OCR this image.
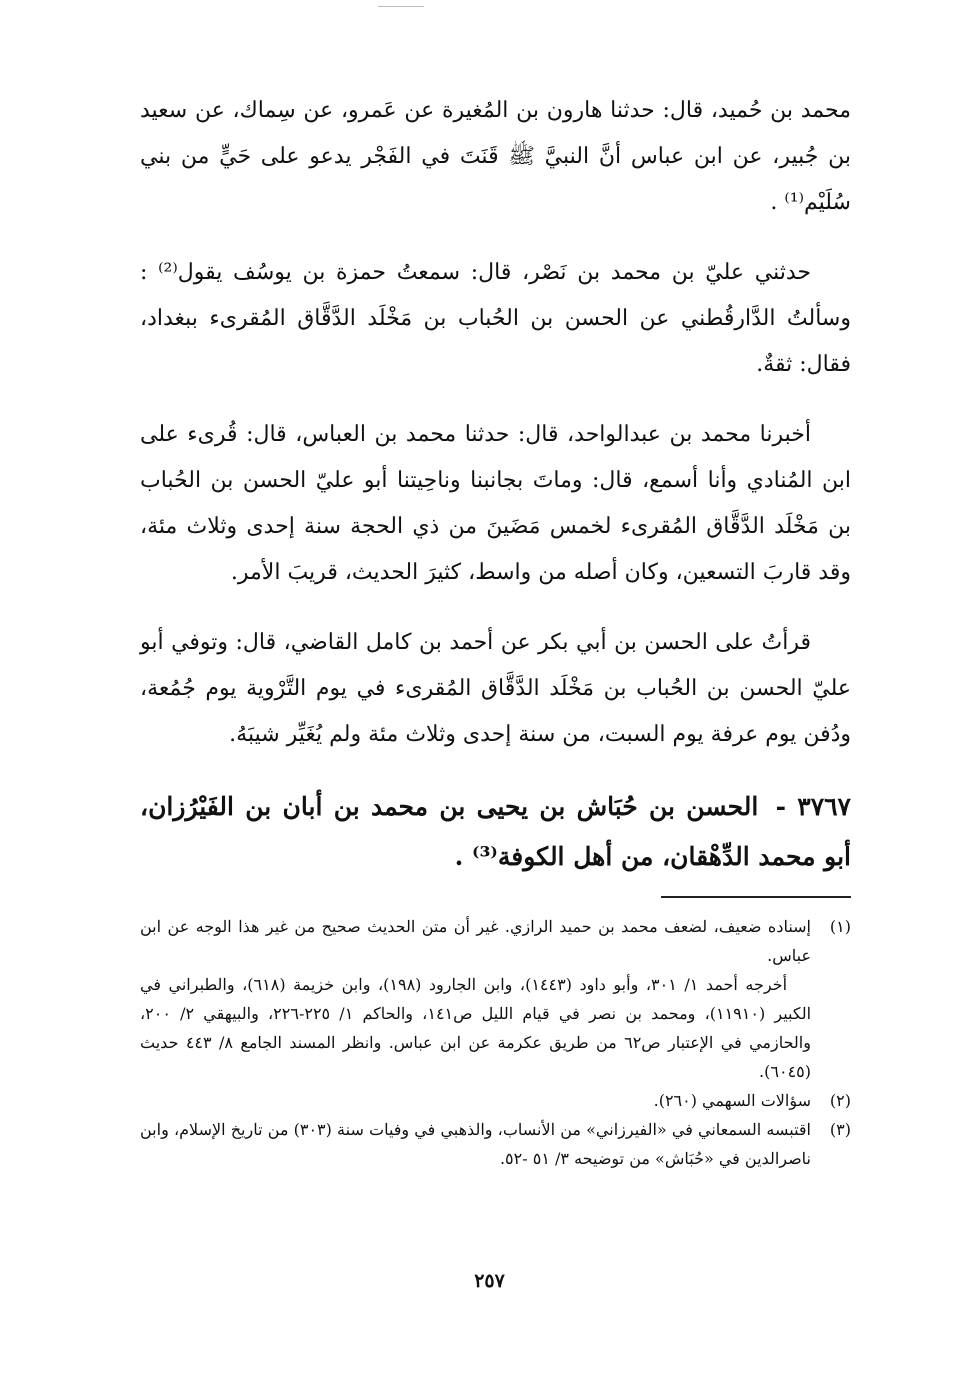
محمد بن حُميد، قال: حدثنا هارون بن المُغيرة عن عَمرو، عن سِماك، عن سعيد بن جُبير، عن ابن عباس أنَّ النبيَّ ﷺ قَنَتَ في الفَجْر يدعو على حَيٍّ من بني سُلَيْم⁽¹⁾ .

حدثني عليّ بن محمد بن نَصْر، قال: سمعتُ حمزة بن يوسُف يقول⁽²⁾ : وسألتُ الدَّارقُطني عن الحسن بن الحُباب بن مَخْلَد الدَّقَّاق المُقرىء ببغداد، فقال: ثقةٌ.

أخبرنا محمد بن عبدالواحد، قال: حدثنا محمد بن العباس، قال: قُرىء على ابن المُنادي وأنا أسمع، قال: وماتَ بجانبنا وناحِيتنا أبو عليّ الحسن بن الحُباب بن مَخْلَد الدَّقَّاق المُقرىء لخمس مَضَينَ من ذي الحجة سنة إحدى وثلاث مئة، وقد قاربَ التسعين، وكان أصله من واسط، كثيرَ الحديث، قريبَ الأمر.

قرأتُ على الحسن بن أبي بكر عن أحمد بن كامل القاضي، قال: وتوفي أبو عليّ الحسن بن الحُباب بن مَخْلَد الدَّقَّاق المُقرىء في يوم التَّرْوية يوم جُمُعة، ودُفن يوم عرفة يوم السبت، من سنة إحدى وثلاث مئة ولم يُغَيِّر شيبَهُ.

٣٧٦٧ - الحسن بن حُبَاش بن يحيى بن محمد بن أبان بن الفَيْرُزان، أبو محمد الدِّهْقان، من أهل الكوفة⁽³⁾ .
(١)

إسناده ضعيف، لضعف محمد بن حميد الرازي. غير أن متن الحديث صحيح من غير هذا الوجه عن ابن عباس.

أخرجه أحمد ١/ ٣٠١، وأبو داود (١٤٤٣)، وابن الجارود (١٩٨)، وابن خزيمة (٦١٨)، والطبراني في الكبير (١١٩١٠)، ومحمد بن نصر في قيام الليل ص١٤١، والحاكم ١/ ٢٢٥-٢٢٦، والبيهقي ٢/ ٢٠٠، والحازمي في الإعتبار ص٦٢ من طريق عكرمة عن ابن عباس. وانظر المسند الجامع ٨/ ٤٤٣ حديث (٦٠٤٥).

(٢)

سؤالات السهمي (٢٦٠).

(٣)

اقتبسه السمعاني في «الفيرزاني» من الأنساب، والذهبي في وفيات سنة (٣٠٣) من تاريخ الإسلام، وابن ناصرالدين في «حُبَاش» من توضيحه ٣/ ٥١ -٥٢.

٢٥٧
